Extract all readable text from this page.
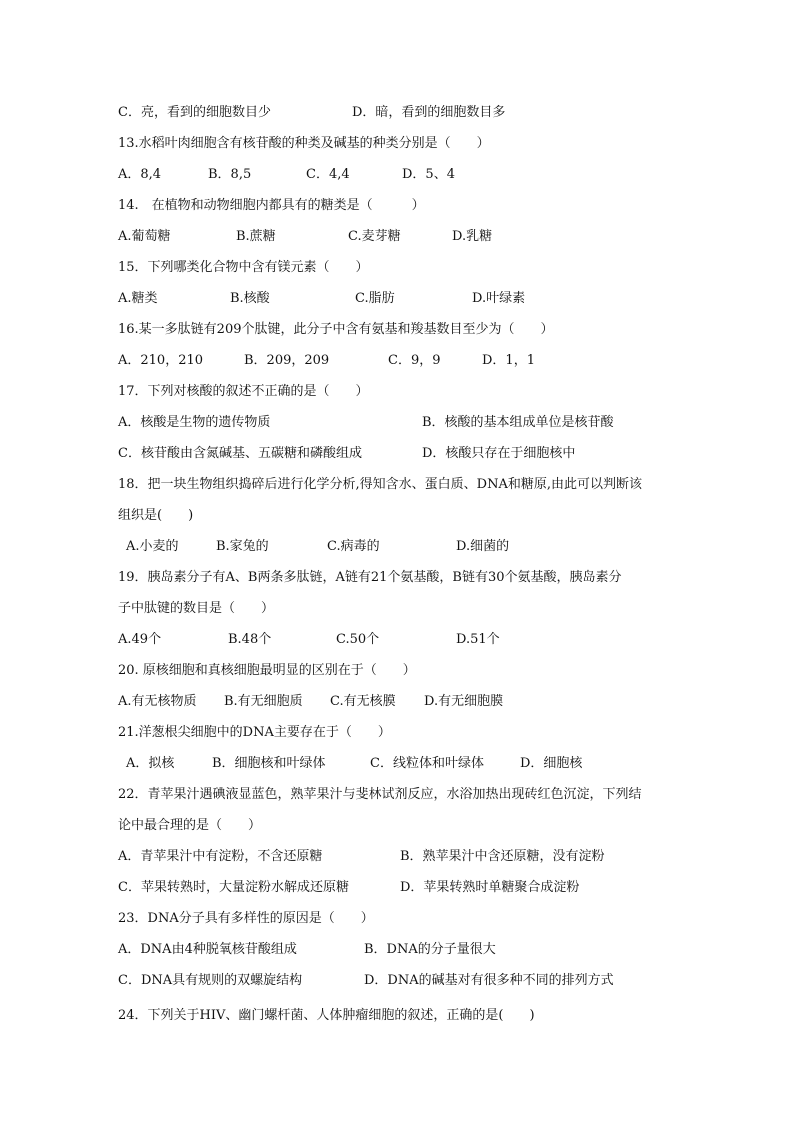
C．亮，看到的细胞数目少	D．暗，看到的细胞数目多
13.水稻叶肉细胞含有核苷酸的种类及碱基的种类分别是（　　）
A．8,4	B．8,5	C．4,4	D．5、4
14.　在植物和动物细胞内都具有的糖类是（　　　）
A.葡萄糖	B.蔗糖	C.麦芽糖	D.乳糖
15．下列哪类化合物中含有镁元素（　　）
A.糖类	B.核酸	C.脂肪	D.叶绿素
16.某一多肽链有209个肽键，此分子中含有氨基和羧基数目至少为（　　）
A．210，210	B．209，209	C．9，9	D．1，1
17．下列对核酸的叙述不正确的是（　　）
A．核酸是生物的遗传物质	B．核酸的基本组成单位是核苷酸
C．核苷酸由含氮碱基、五碳糖和磷酸组成	D．核酸只存在于细胞核中
18．把一块生物组织捣碎后进行化学分析,得知含水、蛋白质、DNA和糖原,由此可以判断该
组织是(　　)
A.小麦的	B.家兔的	C.病毒的	D.细菌的
19．胰岛素分子有A、B两条多肽链，A链有21个氨基酸，B链有30个氨基酸，胰岛素分
子中肽键的数目是（　　）
A.49个	B.48个	C.50个	D.51个
20. 原核细胞和真核细胞最明显的区别在于（　　）
A.有无核物质 B.有无细胞质 C.有无核膜 D.有无细胞膜
21.洋葱根尖细胞中的DNA主要存在于（　　）
A．拟核	B．细胞核和叶绿体	C．线粒体和叶绿体	D．细胞核
22．青苹果汁遇碘液显蓝色，熟苹果汁与斐林试剂反应，水浴加热出现砖红色沉淀，下列结
论中最合理的是（　　）
A．青苹果汁中有淀粉，不含还原糖	B．熟苹果汁中含还原糖，没有淀粉
C．苹果转熟时，大量淀粉水解成还原糖	D．苹果转熟时单糖聚合成淀粉
23．DNA分子具有多样性的原因是（　　）
A．DNA由4种脱氧核苷酸组成	B．DNA的分子量很大
C．DNA具有规则的双螺旋结构	D．DNA的碱基对有很多种不同的排列方式
24．下列关于HIV、幽门螺杆菌、人体肿瘤细胞的叙述，正确的是(　　)
